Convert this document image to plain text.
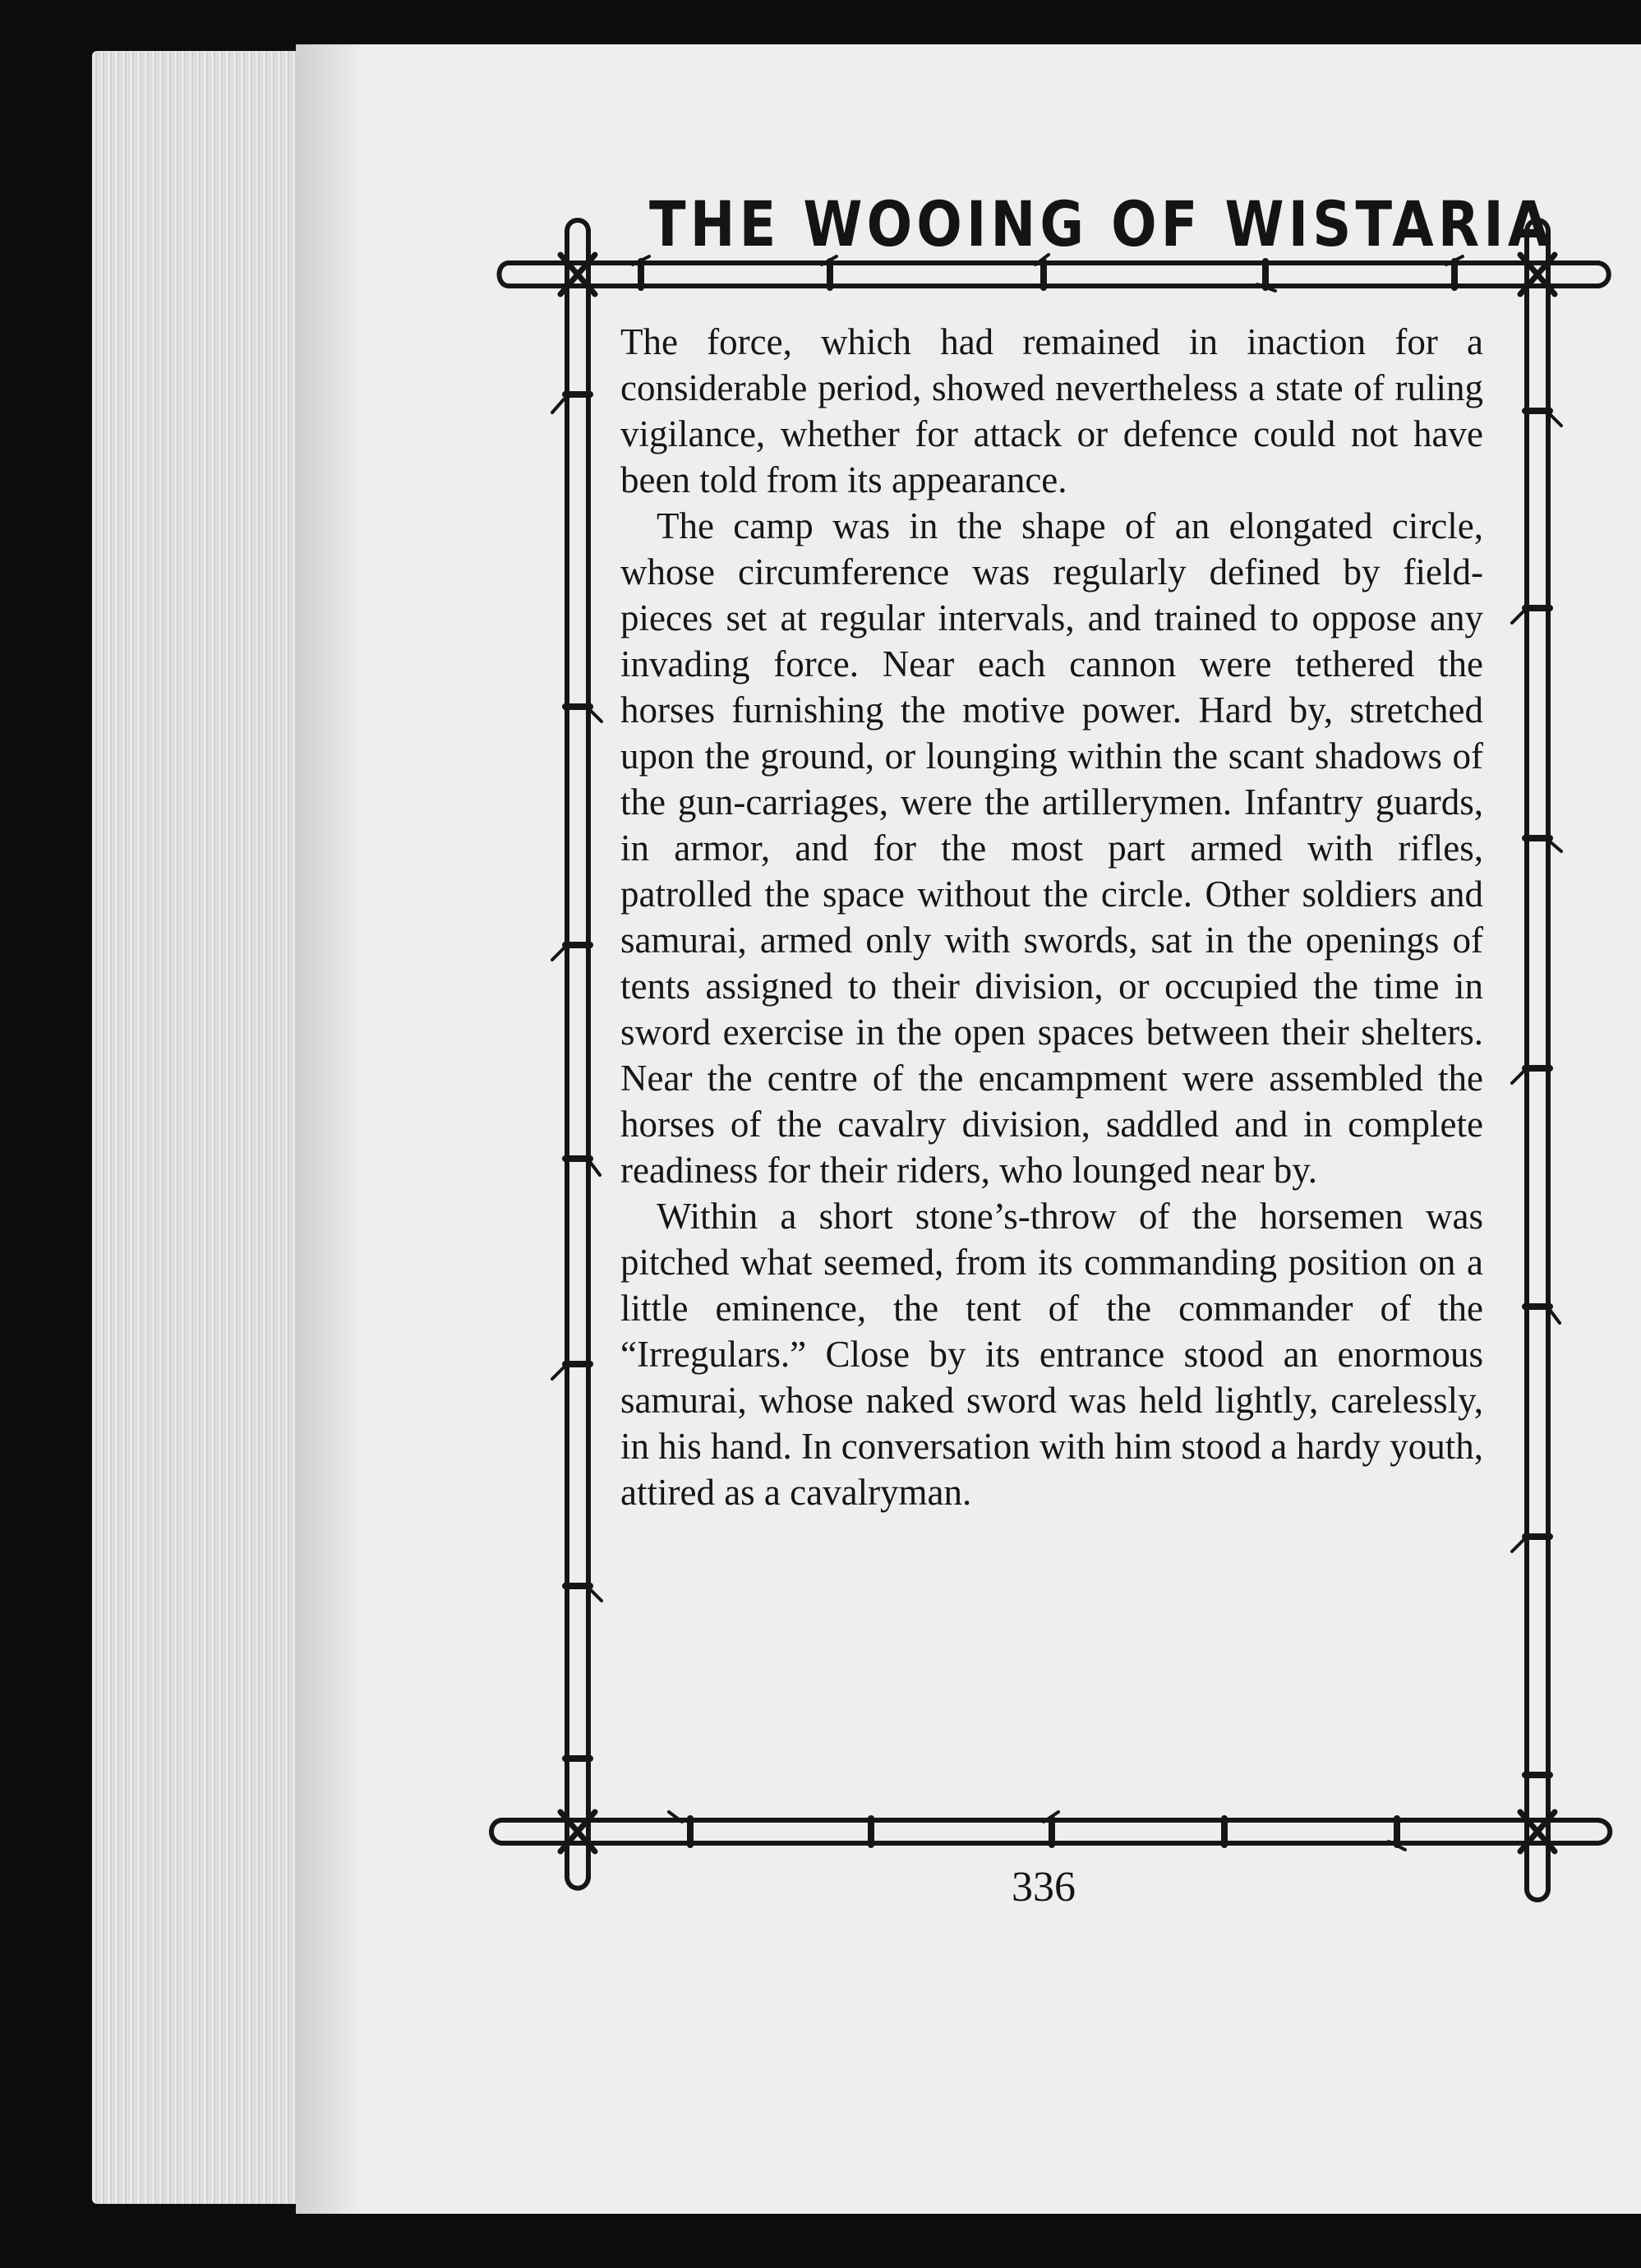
THE WOOING OF WISTARIA

The force, which had remained in inaction for a considerable period, showed nevertheless a state of ruling vigilance, whether for attack or defence could not have been told from its appearance.

The camp was in the shape of an elongated circle, whose circumference was regularly defined by field-pieces set at regular intervals, and trained to oppose any invading force. Near each cannon were tethered the horses furnishing the motive power. Hard by, stretched upon the ground, or lounging within the scant shadows of the gun-carriages, were the artillerymen. Infantry guards, in armor, and for the most part armed with rifles, patrolled the space without the circle. Other soldiers and samurai, armed only with swords, sat in the openings of tents assigned to their division, or occupied the time in sword exercise in the open spaces between their shelters. Near the centre of the encampment were assembled the horses of the cavalry division, saddled and in complete readiness for their riders, who lounged near by.

Within a short stone’s-throw of the horsemen was pitched what seemed, from its commanding position on a little eminence, the tent of the commander of the “Irregulars.” Close by its entrance stood an enormous samurai, whose naked sword was held lightly, carelessly, in his hand. In conversation with him stood a hardy youth, attired as a cavalryman.

336
